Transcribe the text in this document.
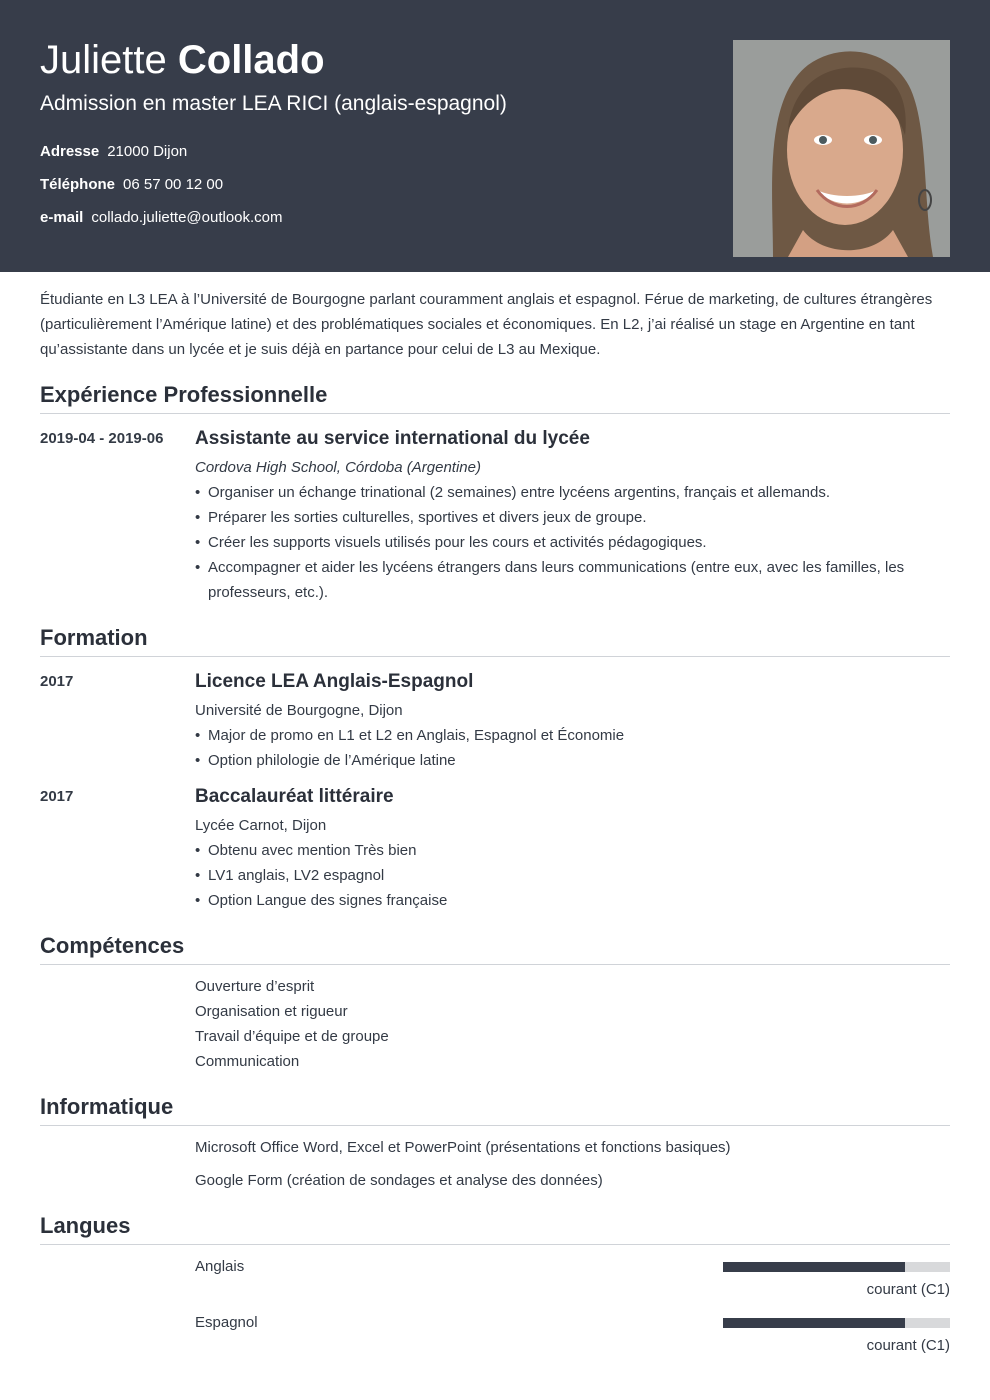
Juliette Collado
Admission en master LEA RICI (anglais-espagnol)
Adresse 21000 Dijon
Téléphone 06 57 00 12 00
e-mail collado.juliette@outlook.com
Étudiante en L3 LEA à l’Université de Bourgogne parlant couramment anglais et espagnol. Férue de marketing, de cultures étrangères (particulièrement l’Amérique latine) et des problématiques sociales et économiques. En L2, j’ai réalisé un stage en Argentine en tant qu’assistante dans un lycée et je suis déjà en partance pour celui de L3 au Mexique.
Expérience Professionnelle
2019-04 - 2019-06 Assistante au service international du lycée
Cordova High School, Córdoba (Argentine)
• Organiser un échange trinational (2 semaines) entre lycéens argentins, français et allemands.
• Préparer les sorties culturelles, sportives et divers jeux de groupe.
• Créer les supports visuels utilisés pour les cours et activités pédagogiques.
• Accompagner et aider les lycéens étrangers dans leurs communications (entre eux, avec les familles, les professeurs, etc.).
Formation
2017	Licence LEA Anglais-Espagnol
Université de Bourgogne, Dijon
• Major de promo en L1 et L2 en Anglais, Espagnol et Économie
• Option philologie de l’Amérique latine
2017	Baccalauréat littéraire
Lycée Carnot, Dijon
• Obtenu avec mention Très bien
• LV1 anglais, LV2 espagnol
• Option Langue des signes française
Compétences
Ouverture d’esprit
Organisation et rigueur
Travail d’équipe et de groupe
Communication
Informatique
Microsoft Office Word, Excel et PowerPoint (présentations et fonctions basiques)
Google Form (création de sondages et analyse des données)
Langues
Anglais
courant (C1)
Espagnol
courant (C1)
